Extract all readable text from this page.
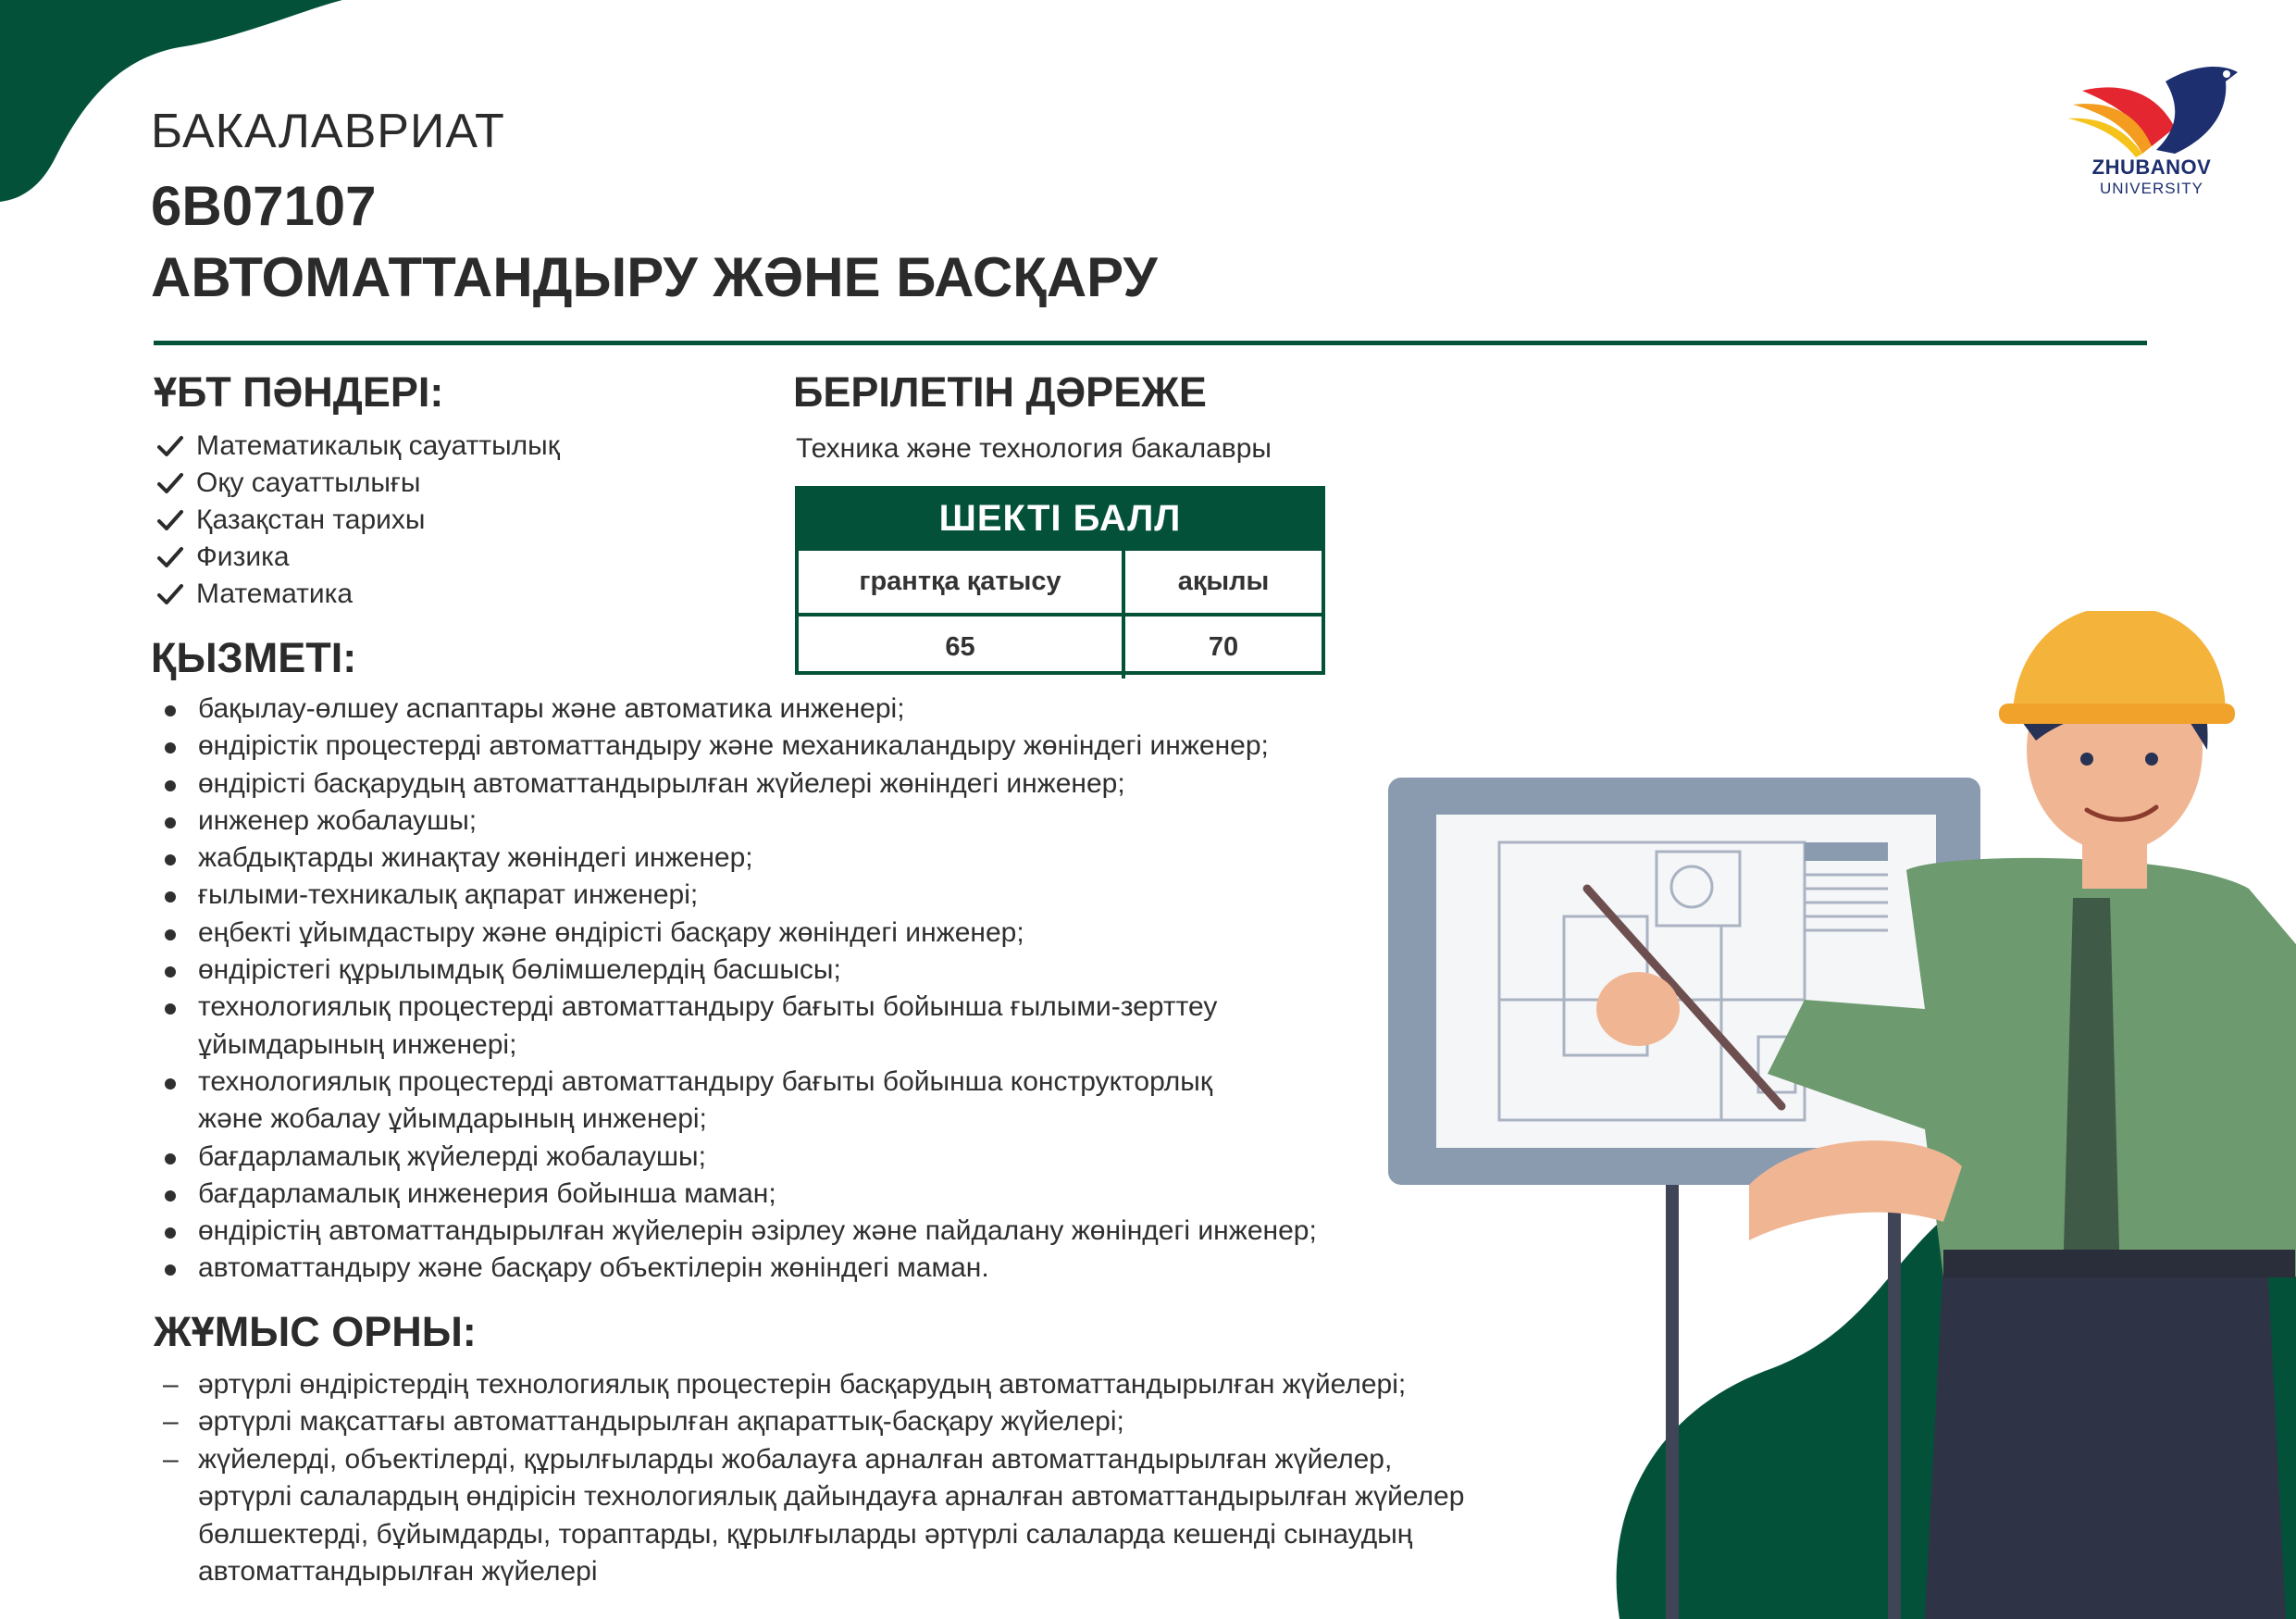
БАКАЛАВРИАТ
6В07107
АВТОМАТТАНДЫРУ ЖӘНЕ БАСҚАРУ
ZHUBANOV
UNIVERSITY
ҰБТ ПӘНДЕРІ:
Математикалық сауаттылық
Оқу сауаттылығы
Қазақстан тарихы
Физика
Математика
БЕРІЛЕТІН ДӘРЕЖЕ
Техника және технология бакалавры
ШЕКТІ БАЛЛ
грантқа қатысу	ақылы
65	70
ҚЫЗМЕТІ:
бақылау-өлшеу аспаптары және автоматика инженері;
өндірістік процестерді автоматтандыру және механикаландыру жөніндегі инженер;
өндірісті басқарудың автоматтандырылған жүйелері жөніндегі инженер;
инженер жобалаушы;
жабдықтарды жинақтау жөніндегі инженер;
ғылыми-техникалық ақпарат инженері;
еңбекті ұйымдастыру және өндірісті басқару жөніндегі инженер;
өндірістегі құрылымдық бөлімшелердің басшысы;
технологиялық процестерді автоматтандыру бағыты бойынша ғылыми-зерттеу ұйымдарының инженері;
технологиялық процестерді автоматтандыру бағыты бойынша конструкторлық және жобалау ұйымдарының инженері;
бағдарламалық жүйелерді жобалаушы;
бағдарламалық инженерия бойынша маман;
өндірістің автоматтандырылған жүйелерін әзірлеу және пайдалану жөніндегі инженер;
автоматтандыру және басқару объектілерін жөніндегі маман.
ЖҰМЫС ОРНЫ:
– әртүрлі өндірістердің технологиялық процестерін басқарудың автоматтандырылған жүйелері;
– әртүрлі мақсаттағы автоматтандырылған ақпараттық-басқару жүйелері;
– жүйелерді, объектілерді, құрылғыларды жобалауға арналған автоматтандырылған жүйелер, әртүрлі салалардың өндірісін технологиялық дайындауға арналған автоматтандырылған жүйелер бөлшектерді, бұйымдарды, тораптарды, құрылғыларды әртүрлі салаларда кешенді сынаудың автоматтандырылған жүйелері
